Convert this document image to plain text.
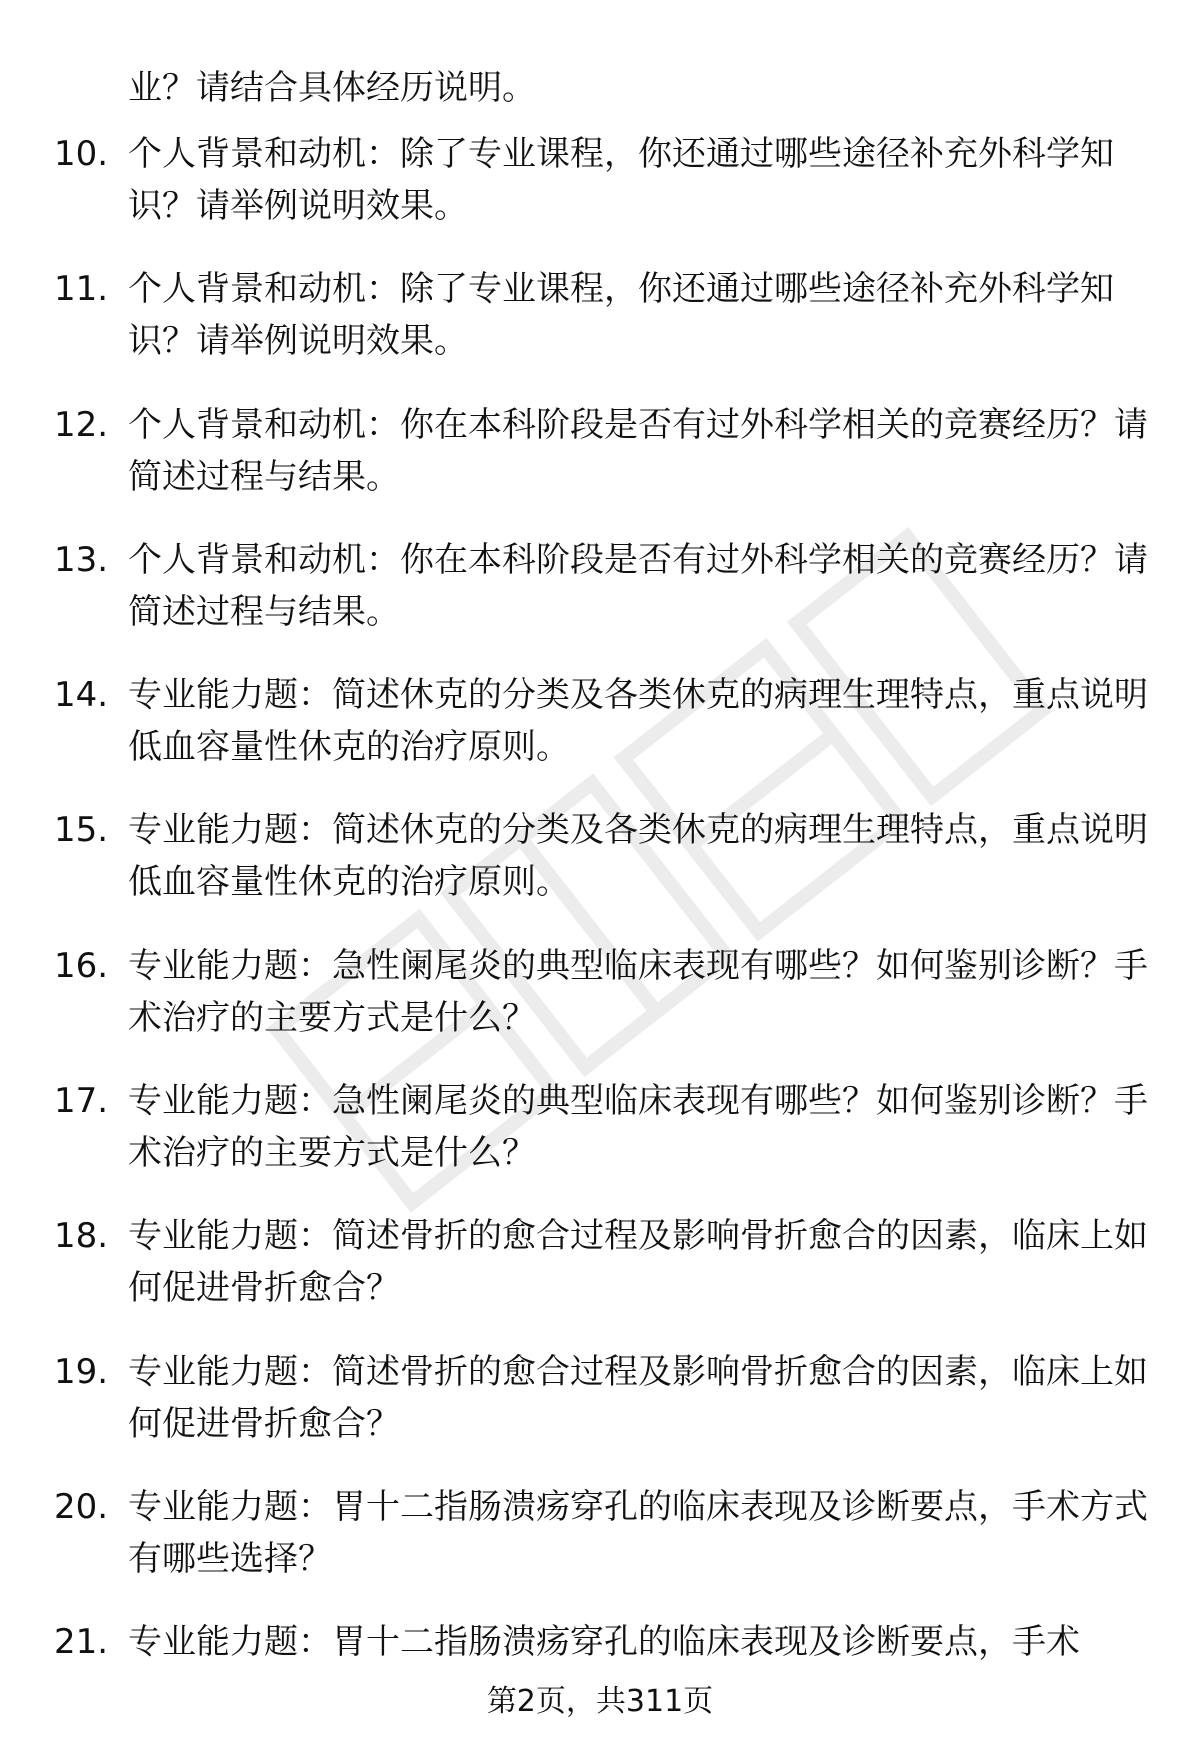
业？请结合具体经历说明。
10. 个人背景和动机：除了专业课程，你还通过哪些途径补充外科学知识？请举例说明效果。
11. 个人背景和动机：除了专业课程，你还通过哪些途径补充外科学知识？请举例说明效果。
12. 个人背景和动机：你在本科阶段是否有过外科学相关的竞赛经历？请简述过程与结果。
13. 个人背景和动机：你在本科阶段是否有过外科学相关的竞赛经历？请简述过程与结果。
14. 专业能力题：简述休克的分类及各类休克的病理生理特点，重点说明低血容量性休克的治疗原则。
15. 专业能力题：简述休克的分类及各类休克的病理生理特点，重点说明低血容量性休克的治疗原则。
16. 专业能力题：急性阑尾炎的典型临床表现有哪些？如何鉴别诊断？手术治疗的主要方式是什么？
17. 专业能力题：急性阑尾炎的典型临床表现有哪些？如何鉴别诊断？手术治疗的主要方式是什么？
18. 专业能力题：简述骨折的愈合过程及影响骨折愈合的因素，临床上如何促进骨折愈合？
19. 专业能力题：简述骨折的愈合过程及影响骨折愈合的因素，临床上如何促进骨折愈合？
20. 专业能力题：胃十二指肠溃疡穿孔的临床表现及诊断要点，手术方式有哪些选择？
21. 专业能力题：胃十二指肠溃疡穿孔的临床表现及诊断要点，手术
第2页，共311页
